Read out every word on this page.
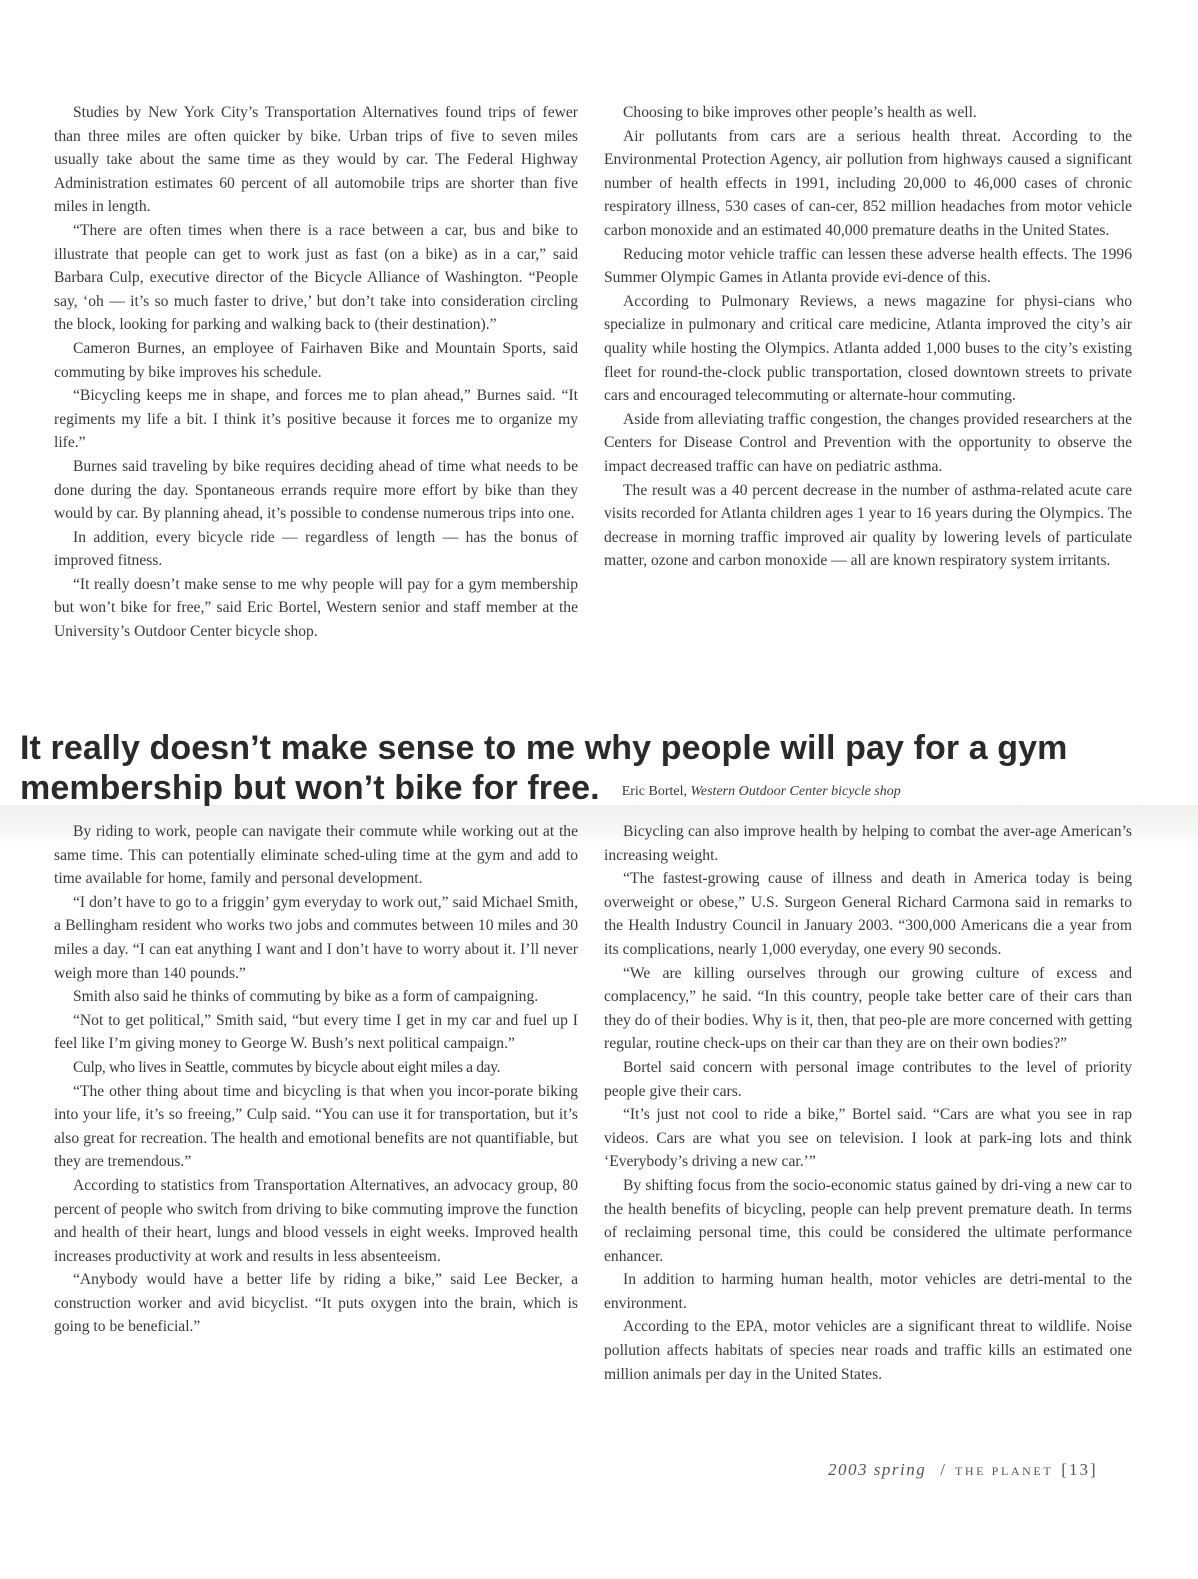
Studies by New York City’s Transportation Alternatives found trips of fewer than three miles are often quicker by bike. Urban trips of five to seven miles usually take about the same time as they would by car. The Federal Highway Administration estimates 60 percent of all automobile trips are shorter than five miles in length.

“There are often times when there is a race between a car, bus and bike to illustrate that people can get to work just as fast (on a bike) as in a car,” said Barbara Culp, executive director of the Bicycle Alliance of Washington. “People say, ‘oh — it’s so much faster to drive,’ but don’t take into consideration circling the block, looking for parking and walking back to (their destination).”

Cameron Burnes, an employee of Fairhaven Bike and Mountain Sports, said commuting by bike improves his schedule.

“Bicycling keeps me in shape, and forces me to plan ahead,” Burnes said. “It regiments my life a bit. I think it’s positive because it forces me to organize my life.”

Burnes said traveling by bike requires deciding ahead of time what needs to be done during the day. Spontaneous errands require more effort by bike than they would by car. By planning ahead, it’s possible to condense numerous trips into one.

In addition, every bicycle ride — regardless of length — has the bonus of improved fitness.

“It really doesn’t make sense to me why people will pay for a gym membership but won’t bike for free,” said Eric Bortel, Western senior and staff member at the University’s Outdoor Center bicycle shop.

Choosing to bike improves other people’s health as well.

Air pollutants from cars are a serious health threat. According to the Environmental Protection Agency, air pollution from highways caused a significant number of health effects in 1991, including 20,000 to 46,000 cases of chronic respiratory illness, 530 cases of can-cer, 852 million headaches from motor vehicle carbon monoxide and an estimated 40,000 premature deaths in the United States.

Reducing motor vehicle traffic can lessen these adverse health effects. The 1996 Summer Olympic Games in Atlanta provide evi-dence of this.

According to Pulmonary Reviews, a news magazine for physi-cians who specialize in pulmonary and critical care medicine, Atlanta improved the city’s air quality while hosting the Olympics. Atlanta added 1,000 buses to the city’s existing fleet for round-the-clock public transportation, closed downtown streets to private cars and encouraged telecommuting or alternate-hour commuting.

Aside from alleviating traffic congestion, the changes provided researchers at the Centers for Disease Control and Prevention with the opportunity to observe the impact decreased traffic can have on pediatric asthma.

The result was a 40 percent decrease in the number of asthma-related acute care visits recorded for Atlanta children ages 1 year to 16 years during the Olympics. The decrease in morning traffic improved air quality by lowering levels of particulate matter, ozone and carbon monoxide — all are known respiratory system irritants.

It really doesn’t make sense to me why people will pay for a gym membership but won’t bike for free. Eric Bortel, Western Outdoor Center bicycle shop

By riding to work, people can navigate their commute while working out at the same time. This can potentially eliminate sched-uling time at the gym and add to time available for home, family and personal development.

“I don’t have to go to a friggin’ gym everyday to work out,” said Michael Smith, a Bellingham resident who works two jobs and commutes between 10 miles and 30 miles a day. “I can eat anything I want and I don’t have to worry about it. I’ll never weigh more than 140 pounds.”

Smith also said he thinks of commuting by bike as a form of campaigning.

“Not to get political,” Smith said, “but every time I get in my car and fuel up I feel like I’m giving money to George W. Bush’s next political campaign.”

Culp, who lives in Seattle, commutes by bicycle about eight miles a day.

“The other thing about time and bicycling is that when you incor-porate biking into your life, it’s so freeing,” Culp said. “You can use it for transportation, but it’s also great for recreation. The health and emotional benefits are not quantifiable, but they are tremendous.”

According to statistics from Transportation Alternatives, an advocacy group, 80 percent of people who switch from driving to bike commuting improve the function and health of their heart, lungs and blood vessels in eight weeks. Improved health increases productivity at work and results in less absenteeism.

“Anybody would have a better life by riding a bike,” said Lee Becker, a construction worker and avid bicyclist. “It puts oxygen into the brain, which is going to be beneficial.”

Bicycling can also improve health by helping to combat the aver-age American’s increasing weight.

“The fastest-growing cause of illness and death in America today is being overweight or obese,” U.S. Surgeon General Richard Carmona said in remarks to the Health Industry Council in January 2003. “300,000 Americans die a year from its complications, nearly 1,000 everyday, one every 90 seconds.

“We are killing ourselves through our growing culture of excess and complacency,” he said. “In this country, people take better care of their cars than they do of their bodies. Why is it, then, that peo-ple are more concerned with getting regular, routine check-ups on their car than they are on their own bodies?”

Bortel said concern with personal image contributes to the level of priority people give their cars.

“It’s just not cool to ride a bike,” Bortel said. “Cars are what you see in rap videos. Cars are what you see on television. I look at park-ing lots and think ‘Everybody’s driving a new car.’”

By shifting focus from the socio-economic status gained by dri-ving a new car to the health benefits of bicycling, people can help prevent premature death. In terms of reclaiming personal time, this could be considered the ultimate performance enhancer.

In addition to harming human health, motor vehicles are detri-mental to the environment.

According to the EPA, motor vehicles are a significant threat to wildlife. Noise pollution affects habitats of species near roads and traffic kills an estimated one million animals per day in the United States.

2003 spring / THE PLANET [13]
